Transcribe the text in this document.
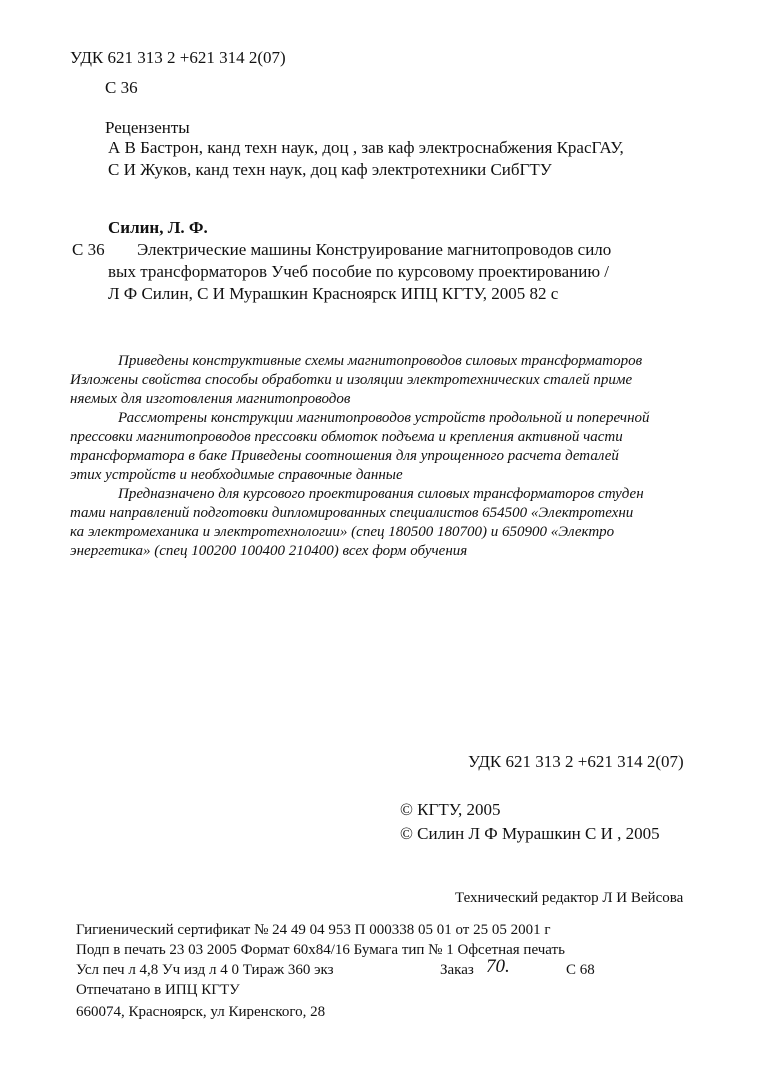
УДК 621 313 2 +621 314 2(07)
С 36
Рецензенты
А В Бастрон, канд техн наук, доц , зав каф электроснабжения КрасГАУ,
С И Жуков, канд техн наук, доц каф электротехники СибГТУ
Силин, Л. Ф.
С 36 Электрические машины Конструирование магнитопроводов сило
вых трансформаторов Учеб пособие по курсовому проектированию /
Л Ф Силин, С И Мурашкин Красноярск ИПЦ КГТУ, 2005 82 с
Приведены конструктивные схемы магнитопроводов силовых трансформаторов
Изложены свойства способы обработки и изоляции электротехнических сталей приме
няемых для изготовления магнитопроводов
Рассмотрены конструкции магнитопроводов устройств продольной и поперечной
прессовки магнитопроводов прессовки обмоток подъема и крепления активной части
трансформатора в баке Приведены соотношения для упрощенного расчета деталей
этих устройств и необходимые справочные данные
Предназначено для курсового проектирования силовых трансформаторов студен
тами направлений подготовки дипломированных специалистов 654500 «Электротехни
ка электромеханика и электротехнологии» (спец 180500 180700) и 650900 «Электро
энергетика» (спец 100200 100400 210400) всех форм обучения
УДК 621 313 2 +621 314 2(07)
© КГТУ, 2005
© Силин Л Ф Мурашкин С И , 2005
Технический редактор Л И Вейсова
Гигиенический сертификат № 24 49 04 953 П 000338 05 01 от 25 05 2001 г
Подп в печать 23 03 2005 Формат 60х84/16 Бумага тип № 1 Офсетная печать
Усл печ л 4,8 Уч изд л 4 0 Тираж 360 экз	Заказ 70.	С 68
Отпечатано в ИПЦ КГТУ
660074, Красноярск, ул Киренского, 28
